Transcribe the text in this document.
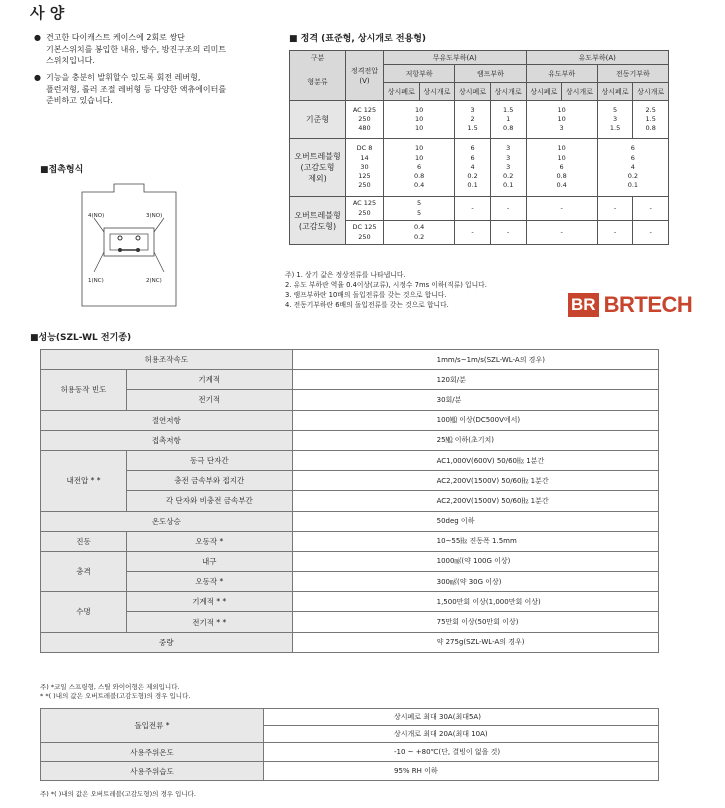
사 양
● 견고한 다이캐스트 케이스에 2회로 쌍단
기본스위치를 봉입한 내유, 방수, 방진구조의 리미트
스위치입니다.
● 기능을 충분히 발휘할수 있도록 회전 레버형,
플런저형, 롤러 조절 레버형 등 다양한 액츄에이터를
준비하고 있습니다.
■접촉형식
4(NO)	3(NO)
1(NC)	2(NC)
■ 정격 (표준형, 상시개로 전용형)
구분	정격전압
(V)	무유도부하(A)				유도부하(A)			
형분류		저항부하		램프부하		유도부하		전동기부하	
		상시폐로	상시개로	상시폐로	상시개로	상시폐로	상시개로	상시폐로	상시개로
기준형	AC 125
250
480	10
10
10		3
2
1.5	1.5
1
0.8	10
10
3		5
3
1.5	2.5
1.5
0.8
오버트레블형
(고감도형
제외)	DC 8
14
30
125
250	10
10
6
0.8
0.4		6
6
4
0.2
0.1	3
3
3
0.2
0.1	10
10
6
0.8
0.4		6
6
4
0.2
0.1	
오버트레블형
(고감도형)	AC 125
250	5
5		-	-	-		-	-
	DC 125
250	0.4
0.2		-	-	-		-	-
주) 1. 상기 값은 정상전류를 나타냅니다.
2. 유도 부하란 역율 0.4이상(교류), 시정수 7ms 이하(직류) 입니다.
3. 램프부하란 10배의 돌입전류를 갖는 것으로 합니다.
4. 전동기부하란 6배의 돌입전류를 갖는 것으로 합니다.	BR BRTECH
■성능(SZL-WL 전기종)
허용조작속도		1mm/s~1m/s(SZL-WL-A의 경우)
허용동작 빈도	기계적	120회/분
	전기적	30회/분
절연저항		100㏁ 이상(DC500V에서)
접촉저항		25㏁ 이하(초기치)
내전압 * *	동극 단자간	AC1,000V(600V) 50/60㎐ 1분간
	충전 금속부와 접지간	AC2,200V(1500V) 50/60㎐ 1분간
	각 단자와 비충전 금속부간	AC2,200V(1500V) 50/60㎐ 1분간
온도상승		50deg 이하
진동	오동작 *	10~55㎐ 진동폭 1.5mm
충격	내구	1000㎨(약 100G 이상)
	오동작 *	300㎨(약 30G 이상)
수명	기계적 * *	1,500만회 이상(1,000만회 이상)
	전기적 * *	75만회 이상(50만회 이상)
중량		약 275g(SZL-WL-A의 경우)
주) *코일 스프링형, 스틸 와이어형은 제외입니다.
* *( )내의 값은 오버트레블(고감도형)의 경우 입니다.
돌입전류 *	상시폐로 최대 30A(최대5A)
	상시개로 최대 20A(최대 10A)
사용주위온도	-10 ~ +80℃(단, 결빙이 없을 것)
사용주위습도	95% RH 이하
주) *( )내의 값은 오버트레블(고감도형)의 경우 입니다.
